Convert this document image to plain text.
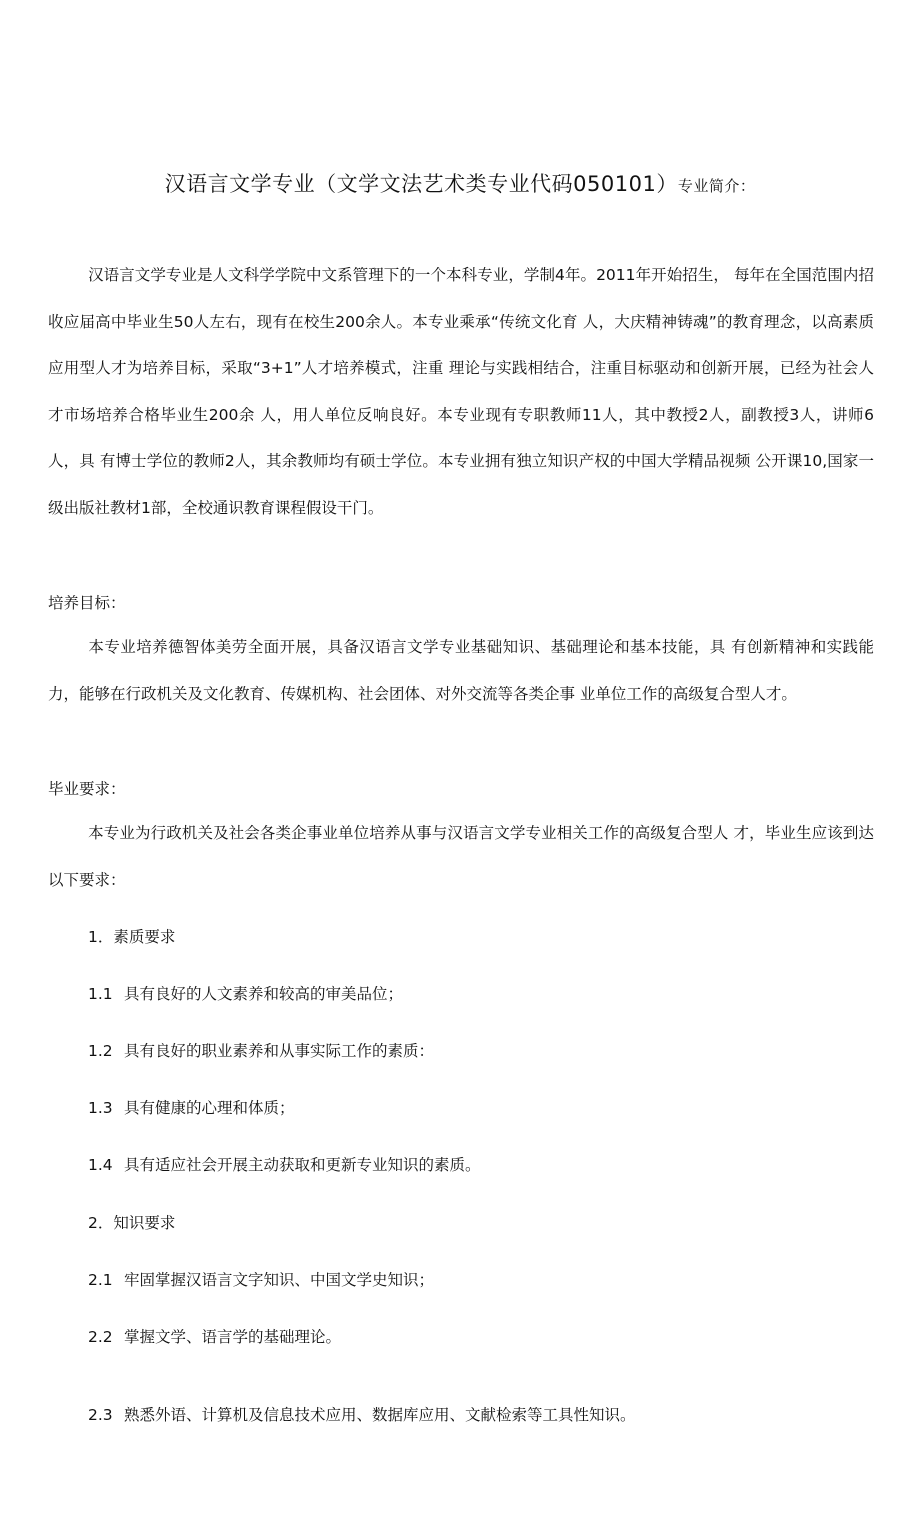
汉语言文学专业（文学文法艺术类专业代码050101）专业简介：
汉语言文学专业是人文科学学院中文系管理下的一个本科专业，学制4年。2011年开始招生， 每年在全国范围内招收应届高中毕业生50人左右，现有在校生200余人。本专业乘承“传统文化育 人，大庆精神铸魂”的教育理念，以高素质应用型人才为培养目标，采取“3+1”人才培养模式，注重 理论与实践相结合，注重目标驱动和创新开展，已经为社会人才市场培养合格毕业生200余 人，用人单位反响良好。本专业现有专职教师11人，其中教授2人，副教授3人，讲师6人，具 有博士学位的教师2人，其余教师均有硕士学位。本专业拥有独立知识产权的中国大学精品视频 公开课10,国家一级出版社教材1部，全校通识教育课程假设干门。
培养目标：
本专业培养德智体美劳全面开展，具备汉语言文学专业基础知识、基础理论和基本技能，具 有创新精神和实践能力，能够在行政机关及文化教育、传媒机构、社会团体、对外交流等各类企事 业单位工作的高级复合型人才。
毕业要求：
本专业为行政机关及社会各类企事业单位培养从事与汉语言文学专业相关工作的高级复合型人 才，毕业生应该到达以下要求：
1．素质要求
1.1 具有良好的人文素养和较高的审美品位；
1.2 具有良好的职业素养和从事实际工作的素质：
1.3 具有健康的心理和体质；
1.4 具有适应社会开展主动获取和更新专业知识的素质。
2．知识要求
2.1 牢固掌握汉语言文字知识、中国文学史知识；
2.2 掌握文学、语言学的基础理论。
2.3 熟悉外语、计算机及信息技术应用、数据库应用、文献检索等工具性知识。
